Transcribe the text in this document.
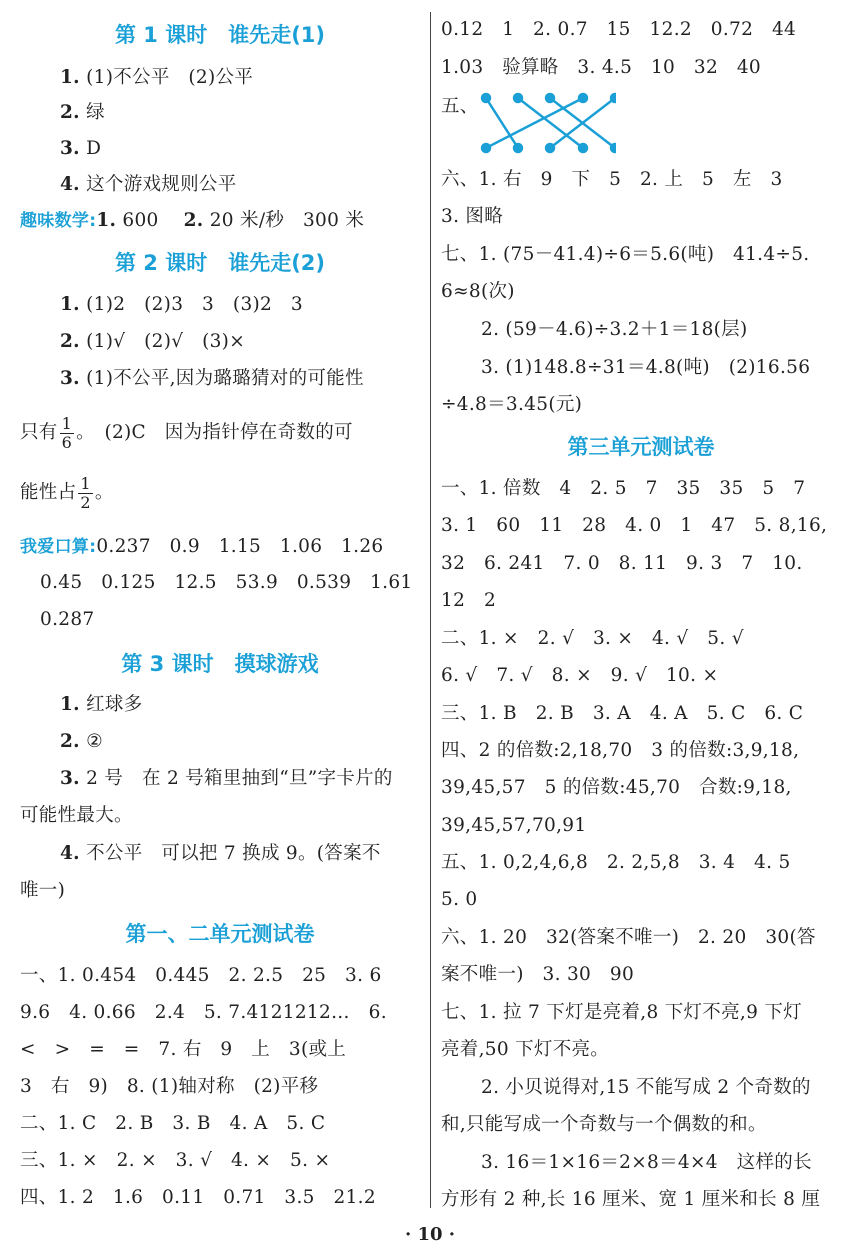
第 1 课时　谁先走(1)
1. (1)不公平　(2)公平
2. 绿
3. D
4. 这个游戏规则公平
趣味数学:1. 600　 2. 20 米/秒　300 米
第 2 课时　谁先走(2)
1. (1)2　(2)3　3　(3)2　3
2. (1)√　(2)√　(3)×
3. (1)不公平,因为璐璐猜对的可能性
只有 $\frac{1}{6}$ 。　(2)C　因为指针停在奇数的可
能性占 $\frac{1}{2}$ 。
我爱口算:0.237　0.9　1.15　1.06　1.26
0.45　0.125　12.5　53.9　0.539　1.61
0.287
第 3 课时　摸球游戏
1. 红球多
2. ②
3. 2 号　在 2 号箱里抽到“旦”字卡片的
可能性最大。
4. 不公平　可以把 7 换成 9。(答案不
唯一)
第一、二单元测试卷
一、1. 0.454　0.445　2. 2.5　25　3. 6
9.6　4. 0.66　2.4　5. 7.4121212…　6.
<　>　=　=　7. 右　9　上　3(或上
3　右　9)　8. (1)轴对称　(2)平移
二、1. C　2. B　3. B　4. A　5. C
三、1. ×　2. ×　3. √　4. ×　5. ×
四、1. 2　1.6　0.11　0.71　3.5　21.2
0.12　1　2. 0.7　15　12.2　0.72　44
1.03　验算略　3. 4.5　10　32　40
五、
六、1. 右　9　下　5　2. 上　5　左　3
3. 图略
七、1. (75－41.4)÷6＝5.6(吨)　41.4÷5.
6≈8(次)
2. (59－4.6)÷3.2＋1＝18(层)
3. (1)148.8÷31＝4.8(吨)　(2)16.56
÷4.8＝3.45(元)
第三单元测试卷
一、1. 倍数　4　2. 5　7　35　35　5　7
3. 1　60　11　28　4. 0　1　47　5. 8,16,
32　6. 241　7. 0　8. 11　9. 3　7　10.
12　2
二、1. ×　2. √　3. ×　4. √　5. √
6. √　7. √　8. ×　9. √　10. ×
三、1. B　2. B　3. A　4. A　5. C　6. C
四、2 的倍数:2,18,70　3 的倍数:3,9,18,
39,45,57　5 的倍数:45,70　合数:9,18,
39,45,57,70,91
五、1. 0,2,4,6,8　2. 2,5,8　3. 4　4. 5
5. 0
六、1. 20　32(答案不唯一)　2. 20　30(答
案不唯一)　3. 30　90
七、1. 拉 7 下灯是亮着,8 下灯不亮,9 下灯
亮着,50 下灯不亮。
2. 小贝说得对,15 不能写成 2 个奇数的
和,只能写成一个奇数与一个偶数的和。
3. 16＝1×16＝2×8＝4×4　这样的长
方形有 2 种,长 16 厘米、宽 1 厘米和长 8 厘
· 10 ·
